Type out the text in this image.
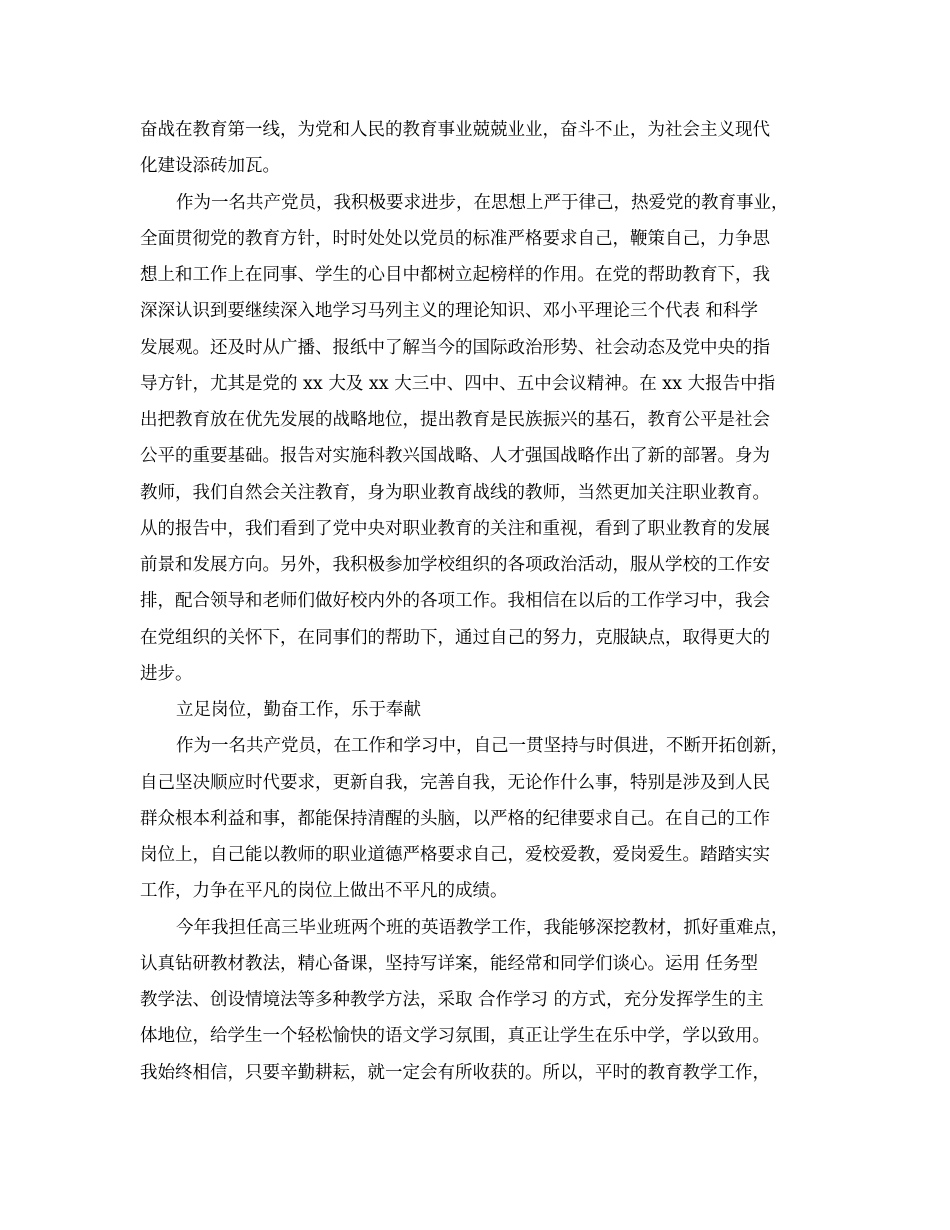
奋战在教育第一线，为党和人民的教育事业兢兢业业，奋斗不止，为社会主义现代
化建设添砖加瓦。
作为一名共产党员，我积极要求进步，在思想上严于律己，热爱党的教育事业，
全面贯彻党的教育方针，时时处处以党员的标准严格要求自己，鞭策自己，力争思
想上和工作上在同事、学生的心目中都树立起榜样的作用。在党的帮助教育下，我
深深认识到要继续深入地学习马列主义的理论知识、邓小平理论三个代表 和科学
发展观。还及时从广播、报纸中了解当今的国际政治形势、社会动态及党中央的指
导方针，尤其是党的 xx 大及 xx 大三中、四中、五中会议精神。在 xx 大报告中指
出把教育放在优先发展的战略地位，提出教育是民族振兴的基石，教育公平是社会
公平的重要基础。报告对实施科教兴国战略、人才强国战略作出了新的部署。身为
教师，我们自然会关注教育，身为职业教育战线的教师，当然更加关注职业教育。
从的报告中，我们看到了党中央对职业教育的关注和重视，看到了职业教育的发展
前景和发展方向。另外，我积极参加学校组织的各项政治活动，服从学校的工作安
排，配合领导和老师们做好校内外的各项工作。我相信在以后的工作学习中，我会
在党组织的关怀下，在同事们的帮助下，通过自己的努力，克服缺点，取得更大的
进步。
立足岗位，勤奋工作，乐于奉献
作为一名共产党员，在工作和学习中，自己一贯坚持与时俱进，不断开拓创新，
自己坚决顺应时代要求，更新自我，完善自我，无论作什么事，特别是涉及到人民
群众根本利益和事，都能保持清醒的头脑，以严格的纪律要求自己。在自己的工作
岗位上，自己能以教师的职业道德严格要求自己，爱校爱教，爱岗爱生。踏踏实实
工作，力争在平凡的岗位上做出不平凡的成绩。
今年我担任高三毕业班两个班的英语教学工作，我能够深挖教材，抓好重难点，
认真钻研教材教法，精心备课，坚持写详案，能经常和同学们谈心。运用 任务型
教学法、创设情境法等多种教学方法，采取 合作学习 的方式，充分发挥学生的主
体地位，给学生一个轻松愉快的语文学习氛围，真正让学生在乐中学，学以致用。
我始终相信，只要辛勤耕耘，就一定会有所收获的。所以，平时的教育教学工作，
